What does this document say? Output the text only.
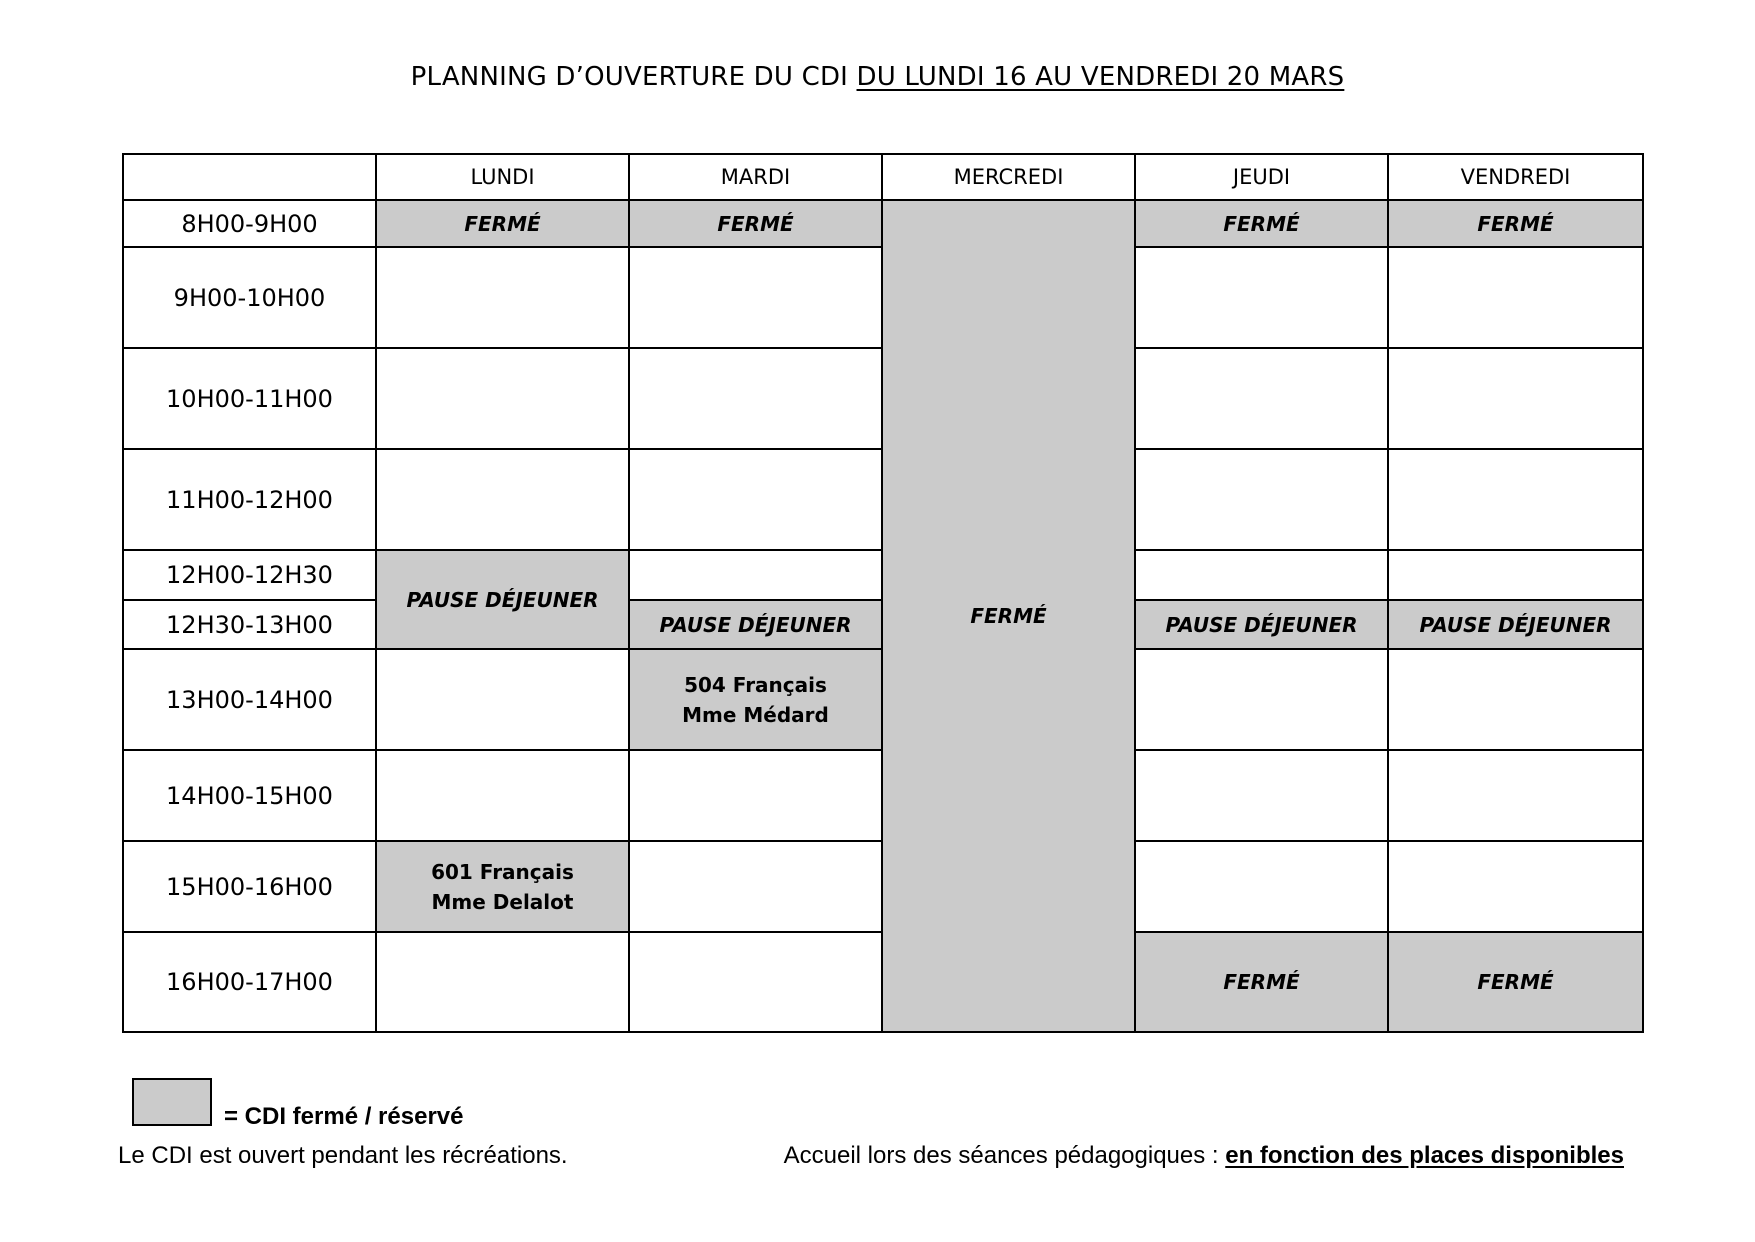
PLANNING D’OUVERTURE DU CDI DU LUNDI 16 AU VENDREDI 20 MARS
	LUNDI	MARDI	MERCREDI	JEUDI	VENDREDI
8H00-9H00	FERMÉ	FERMÉ	FERMÉ	FERMÉ	FERMÉ
9H00-10H00					
10H00-11H00					
11H00-12H00					
12H00-12H30	PAUSE DÉJEUNER				
12H30-13H00		PAUSE DÉJEUNER		PAUSE DÉJEUNER	PAUSE DÉJEUNER
13H00-14H00		504 Français
Mme Médard			

14H00-15H00					
15H00-16H00	601 Français
Mme Delalot				

16H00-17H00				FERMÉ	FERMÉ
= CDI fermé / réservé
Le CDI est ouvert pendant les récréations.	Accueil lors des séances pédagogiques : en fonction des places disponibles
